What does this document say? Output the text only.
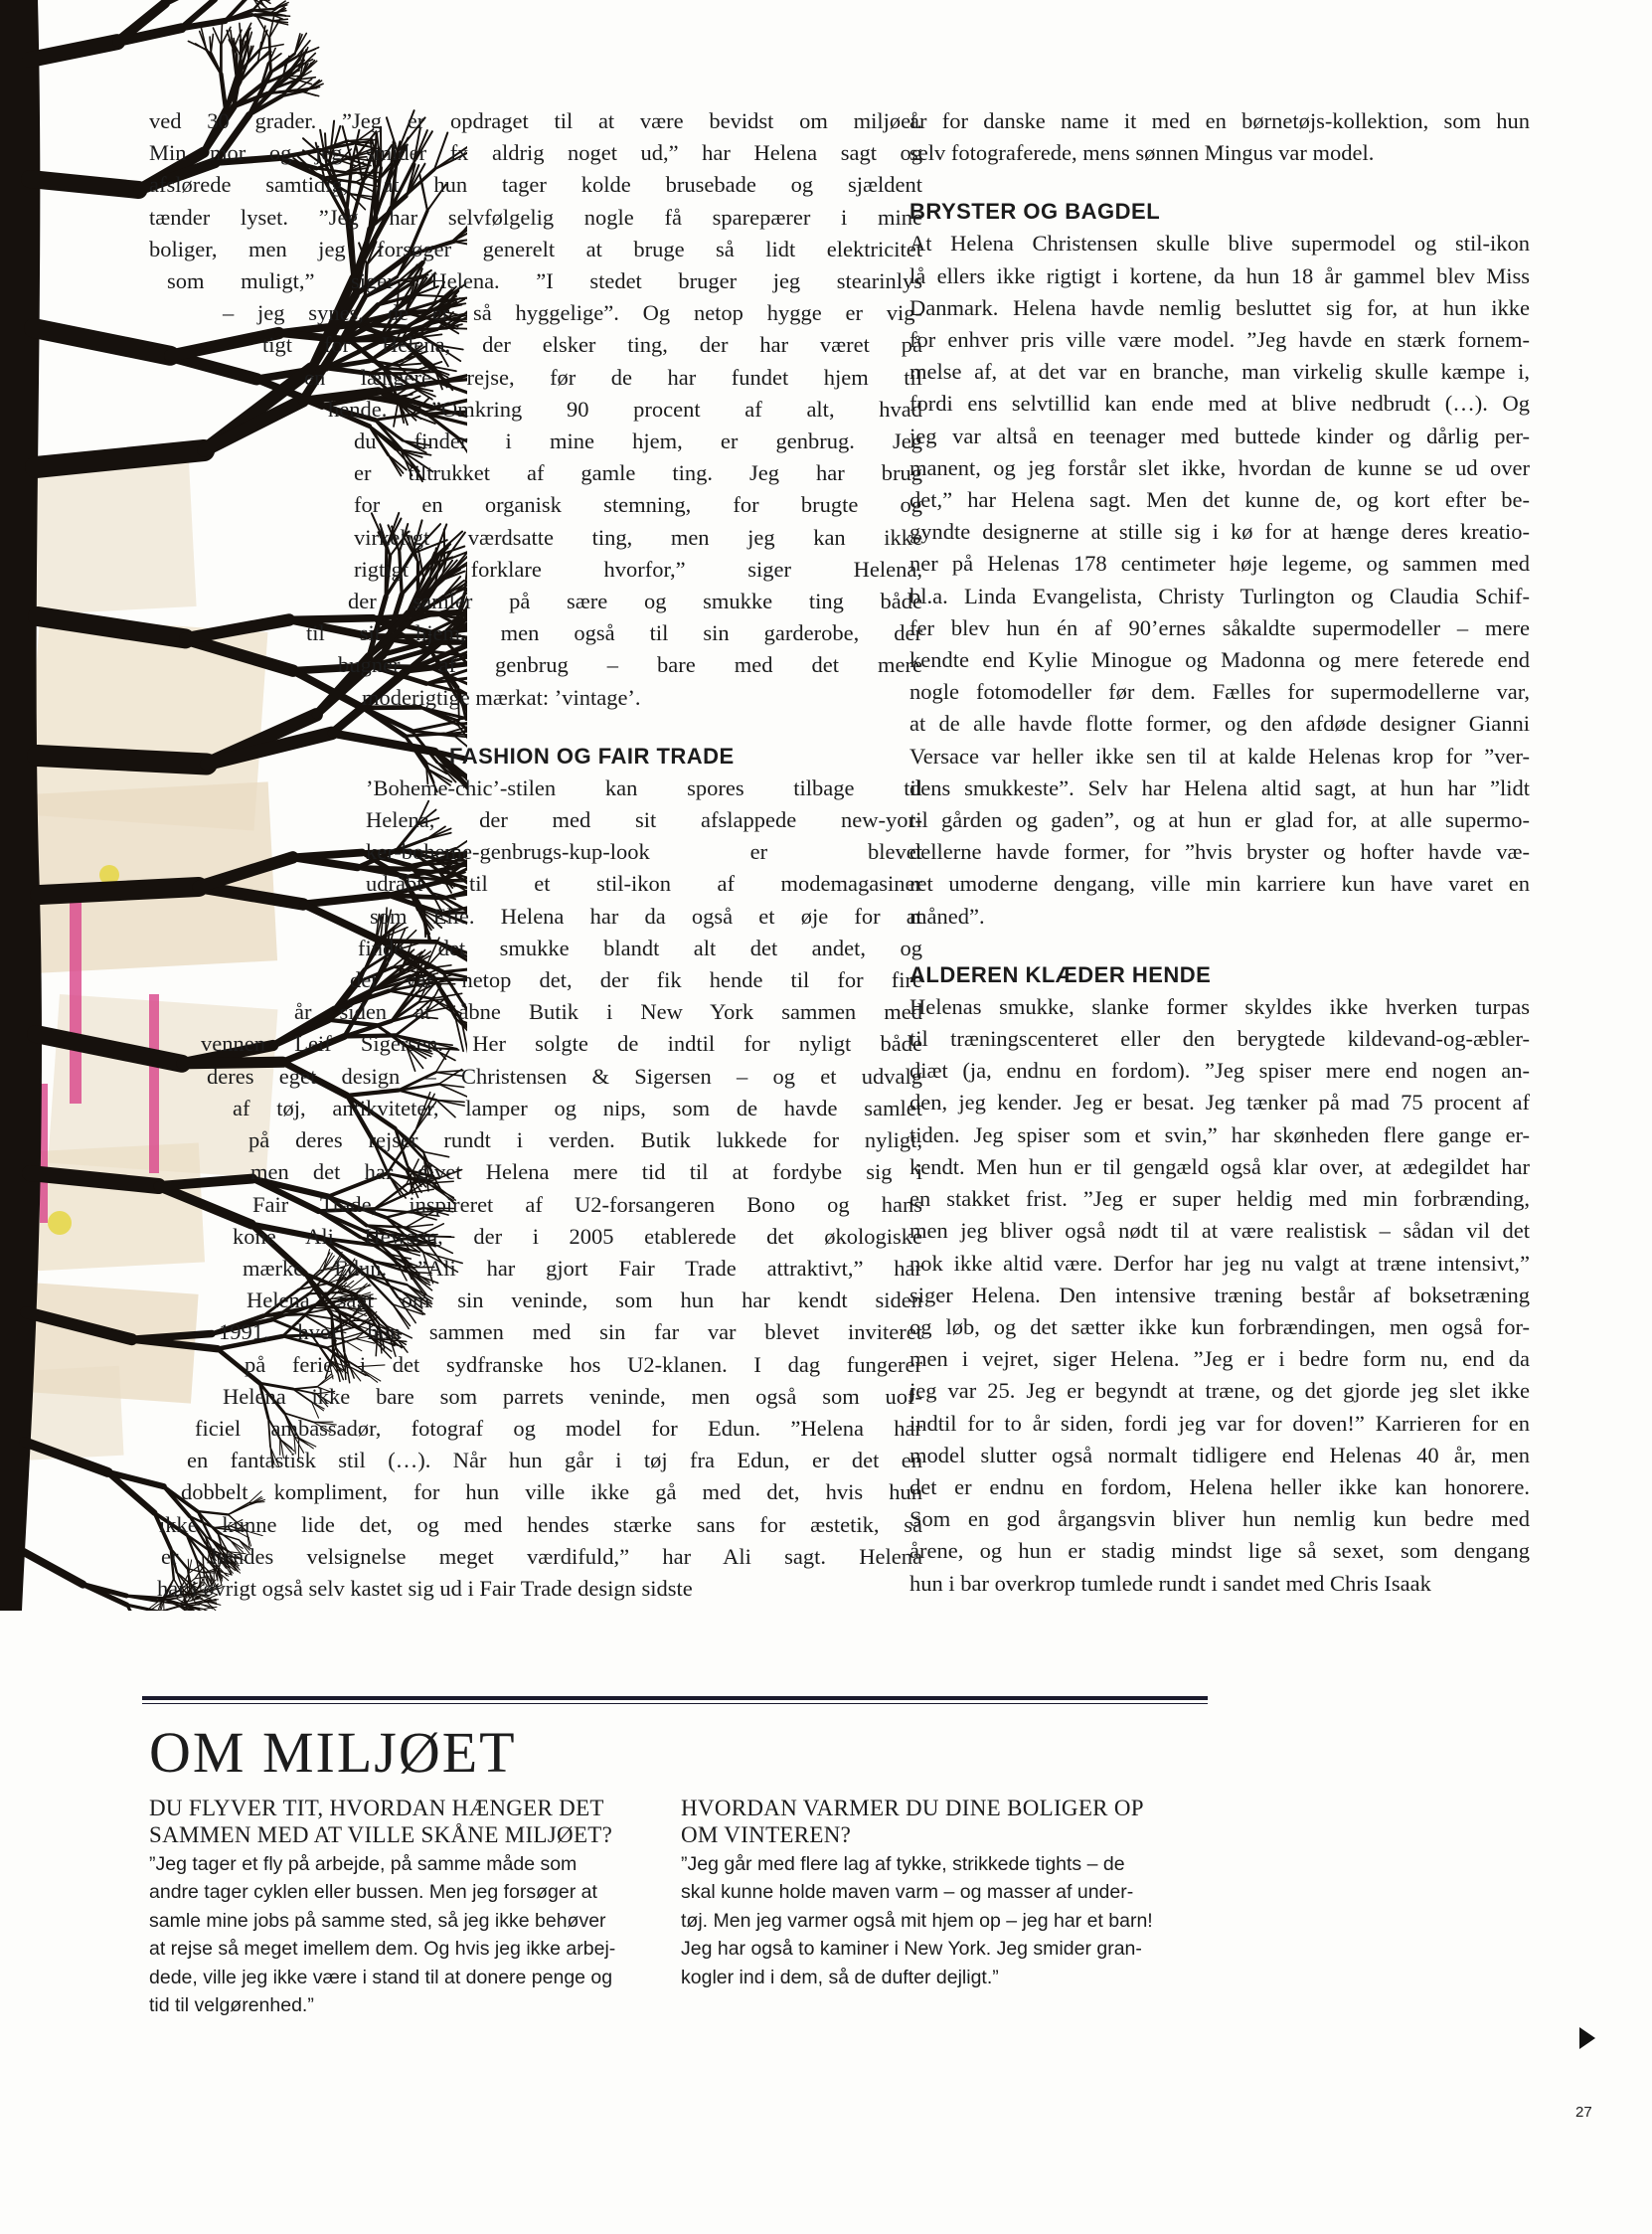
ved 30 grader. ”Jeg er opdraget til at være bevidst om miljøet.
Min mor og jeg smider fx aldrig noget ud,” har Helena sagt og
afslørede samtidig, at hun tager kolde brusebade og sjældent
tænder lyset. ”Jeg har selvfølgelig nogle få sparepærer i mine
boliger, men jeg forsøger generelt at bruge så lidt elektricitet
som muligt,” siger Helena. ”I stedet bruger jeg stearinlys
– jeg synes, de er så hyggelige”. Og netop hygge er vig-
tigt for Helena, der elsker ting, der har været på
en længere rejse, før de har fundet hjem til
hende. ”Omkring 90 procent af alt, hvad
du finder i mine hjem, er genbrug. Jeg
er tiltrukket af gamle ting. Jeg har brug
for en organisk stemning, for brugte og
virkeligt værdsatte ting, men jeg kan ikke
rigtigt forklare hvorfor,” siger Helena,
der samler på sære og smukke ting både
til sit hjem, men også til sin garderobe, der
bugner af genbrug – bare med det mere
moderigtige mærkat: ’vintage’.

FASHION OG FAIR TRADE

’Boheme-chic’-stilen kan spores tilbage til
Helena, der med sit afslappede new-yor-
ker-boheme-genbrugs-kup-look er blevet
udråbt til et stil-ikon af modemagasiner
som Elle. Helena har da også et øje for at
finde det smukke blandt alt det andet, og
det var netop det, der fik hende til for fire
år siden at åbne Butik i New York sammen med
vennen Leif Sigersen. Her solgte de indtil for nyligt både
deres eget design – Christensen & Sigersen – og et udvalg
af tøj, antikviteter, lamper og nips, som de havde samlet
på deres rejser rundt i verden. Butik lukkede for nyligt,
men det har givet Helena mere tid til at fordybe sig i
Fair Trade, inspireret af U2-forsangeren Bono og hans
kone Ali Hewson, der i 2005 etablerede det økologiske
mærke Edun. ”Ali har gjort Fair Trade attraktivt,” har
Helena sagt om sin veninde, som hun har kendt siden
1991, hvor hun sammen med sin far var blevet inviteret
på ferie i det sydfranske hos U2-klanen. I dag fungerer
Helena ikke bare som parrets veninde, men også som uof-
ficiel ambassadør, fotograf og model for Edun. ”Helena har
en fantastisk stil (…). Når hun går i tøj fra Edun, er det en
dobbelt kompliment, for hun ville ikke gå med det, hvis hun
ikke kunne lide det, og med hendes stærke sans for æstetik, så
er hendes velsignelse meget værdifuld,” har Ali sagt. Helena
har i øvrigt også selv kastet sig ud i Fair Trade design sidste

år for danske name it med en børnetøjs-kollektion, som hun
selv fotograferede, mens sønnen Mingus var model.

BRYSTER OG BAGDEL

At Helena Christensen skulle blive supermodel og stil-ikon
lå ellers ikke rigtigt i kortene, da hun 18 år gammel blev Miss
Danmark. Helena havde nemlig besluttet sig for, at hun ikke
for enhver pris ville være model. ”Jeg havde en stærk fornem-
melse af, at det var en branche, man virkelig skulle kæmpe i,
fordi ens selvtillid kan ende med at blive nedbrudt (…). Og
jeg var altså en teenager med buttede kinder og dårlig per-
manent, og jeg forstår slet ikke, hvordan de kunne se ud over
det,” har Helena sagt. Men det kunne de, og kort efter be-
gyndte designerne at stille sig i kø for at hænge deres kreatio-
ner på Helenas 178 centimeter høje legeme, og sammen med
bl.a. Linda Evangelista, Christy Turlington og Claudia Schif-
fer blev hun én af 90’ernes såkaldte supermodeller – mere
kendte end Kylie Minogue og Madonna og mere feterede end
nogle fotomodeller før dem. Fælles for supermodellerne var,
at de alle havde flotte former, og den afdøde designer Gianni
Versace var heller ikke sen til at kalde Helenas krop for ”ver-
dens smukkeste”. Selv har Helena altid sagt, at hun har ”lidt
til gården og gaden”, og at hun er glad for, at alle supermo-
dellerne havde former, for ”hvis bryster og hofter havde væ-
ret umoderne dengang, ville min karriere kun have varet en
måned”.

ALDEREN KLÆDER HENDE

Helenas smukke, slanke former skyldes ikke hverken turpas
til træningscenteret eller den berygtede kildevand-og-æbler-
diæt (ja, endnu en fordom). ”Jeg spiser mere end nogen an-
den, jeg kender. Jeg er besat. Jeg tænker på mad 75 procent af
tiden. Jeg spiser som et svin,” har skønheden flere gange er-
kendt. Men hun er til gengæld også klar over, at ædegildet har
en stakket frist. ”Jeg er super heldig med min forbrænding,
men jeg bliver også nødt til at være realistisk – sådan vil det
nok ikke altid være. Derfor har jeg nu valgt at træne intensivt,”
siger Helena. Den intensive træning består af boksetræning
og løb, og det sætter ikke kun forbrændingen, men også for-
men i vejret, siger Helena. ”Jeg er i bedre form nu, end da
jeg var 25. Jeg er begyndt at træne, og det gjorde jeg slet ikke
indtil for to år siden, fordi jeg var for doven!” Karrieren for en
model slutter også normalt tidligere end Helenas 40 år, men
det er endnu en fordom, Helena heller ikke kan honorere.
Som en god årgangsvin bliver hun nemlig kun bedre med
årene, og hun er stadig mindst lige så sexet, som dengang
hun i bar overkrop tumlede rundt i sandet med Chris Isaak

OM MILJØET
DU FLYVER TIT, HVORDAN HÆNGER DET
SAMMEN MED AT VILLE SKÅNE MILJØET?
”Jeg tager et fly på arbejde, på samme måde som
andre tager cyklen eller bussen. Men jeg forsøger at
samle mine jobs på samme sted, så jeg ikke behøver
at rejse så meget imellem dem. Og hvis jeg ikke arbej-
dede, ville jeg ikke være i stand til at donere penge og
tid til velgørenhed.”
HVORDAN VARMER DU DINE BOLIGER OP
OM VINTEREN?
”Jeg går med flere lag af tykke, strikkede tights – de
skal kunne holde maven varm – og masser af under-
tøj. Men jeg varmer også mit hjem op – jeg har et barn!
Jeg har også to kaminer i New York. Jeg smider gran-
kogler ind i dem, så de dufter dejligt.”
27
